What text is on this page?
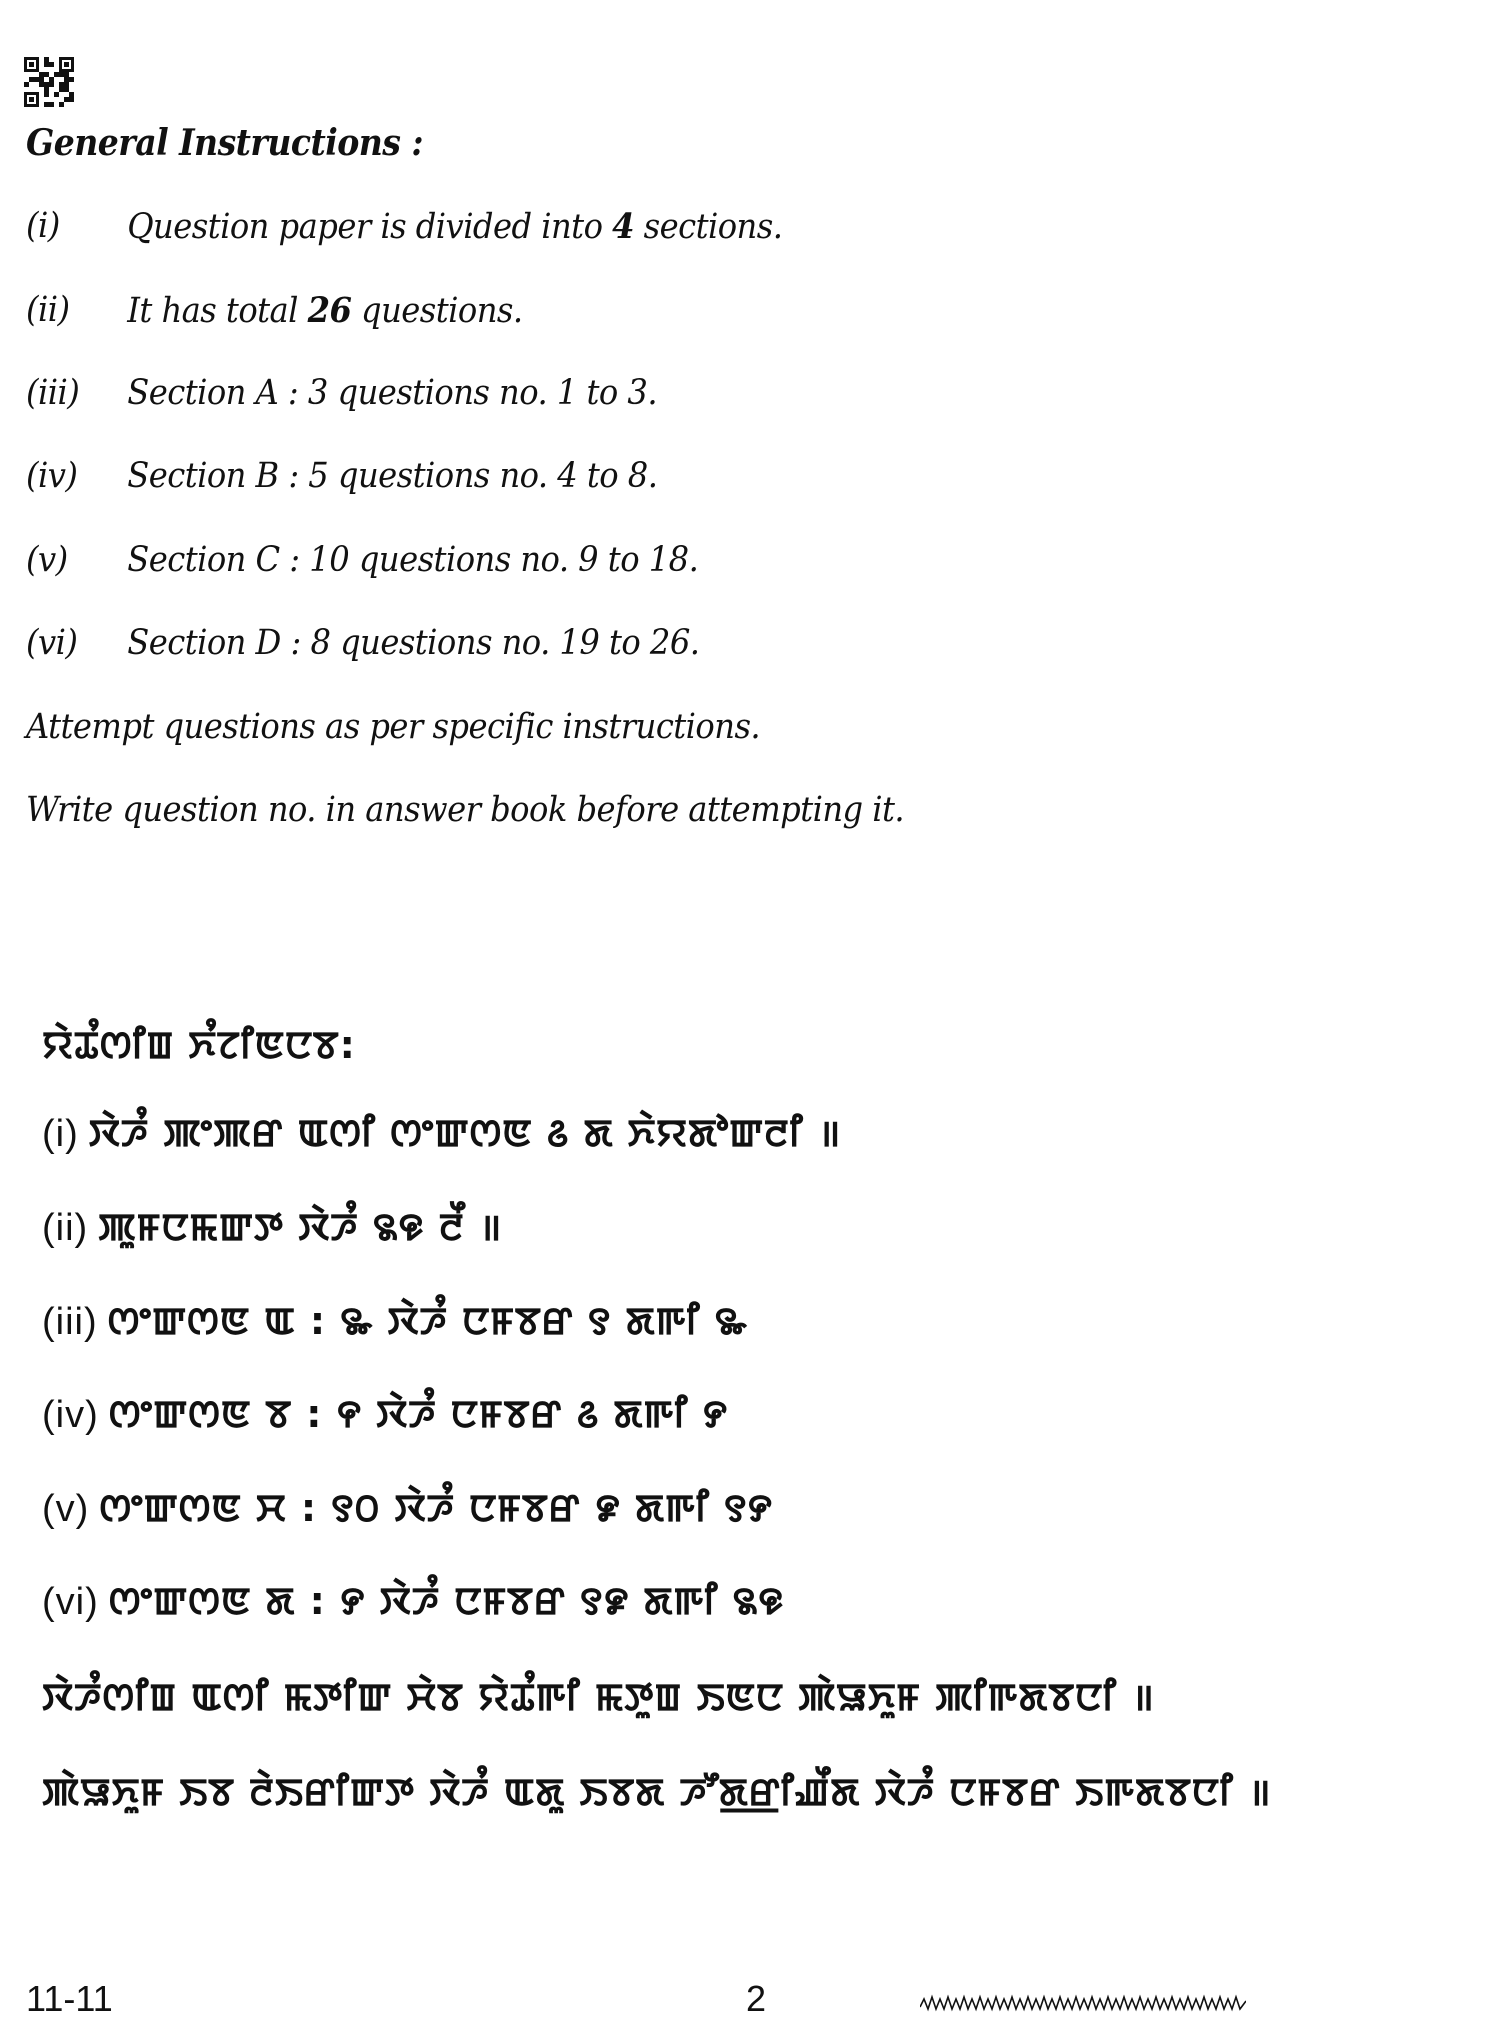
General Instructions :
(i)	Question paper is divided into 4 sections.
(ii)	It has total 26 questions.
(iii)	Section A : 3 questions no. 1 to 3.
(iv)	Section B : 5 questions no. 4 to 8.
(v)	Section C : 10 questions no. 9 to 18.
(vi)	Section D : 8 questions no. 19 to 26.
Attempt questions as per specific instructions.
Write question no. in answer book before attempting it.
ꯌꯥꯊꯪꯁꯤꯡ ꯈꯪꯖꯤꯟꯅꯕ:
(i) ꯋꯥꯍꯪ ꯄꯦꯄꯔ ꯑꯁꯤ ꯁꯦꯛꯁꯟ ꯴ ꯗ ꯈꯥꯌꯗꯣꯛꯂꯤ ॥
(ii) ꯄꯨꯝꯅꯃꯛꯇ ꯋꯥꯍꯪ ꯲꯶ ꯂꯩ ॥
(iii) ꯁꯦꯛꯁꯟ ꯑ : ꯳ ꯋꯥꯍꯪ ꯅꯝꯕꯔ ꯱ ꯗꯒꯤ ꯳
(iv) ꯁꯦꯛꯁꯟ ꯕ : ꯵ ꯋꯥꯍꯪ ꯅꯝꯕꯔ ꯴ ꯗꯒꯤ ꯸
(v) ꯁꯦꯛꯁꯟ ꯆ : ꯱꯰ ꯋꯥꯍꯪ ꯅꯝꯕꯔ ꯹ ꯗꯒꯤ ꯱꯸
(vi) ꯁꯦꯛꯁꯟ ꯗ : ꯸ ꯋꯥꯍꯪ ꯅꯝꯕꯔ ꯱꯹ ꯗꯒꯤ ꯲꯶
ꯋꯥꯍꯪꯁꯤꯡ ꯑꯁꯤ ꯃꯇꯤꯛ ꯆꯥꯕ ꯌꯥꯊꯪꯒꯤ ꯃꯇꯨꯡ ꯏꯟꯅ ꯄꯥꯎꯈꯨꯝ ꯄꯤꯒꯗꯕꯅꯤ ॥
ꯄꯥꯎꯈꯨꯝ ꯏꯕ ꯂꯥꯏꯔꯤꯛꯇ ꯋꯥꯍꯪ ꯑꯗꯨ ꯏꯕꯗ ꯍꯧꯗ꯭ꯔꯤꯉꯩꯗ ꯋꯥꯍꯪ ꯅꯝꯕꯔ ꯏꯒꯗꯕꯅꯤ ॥
11-11	2
